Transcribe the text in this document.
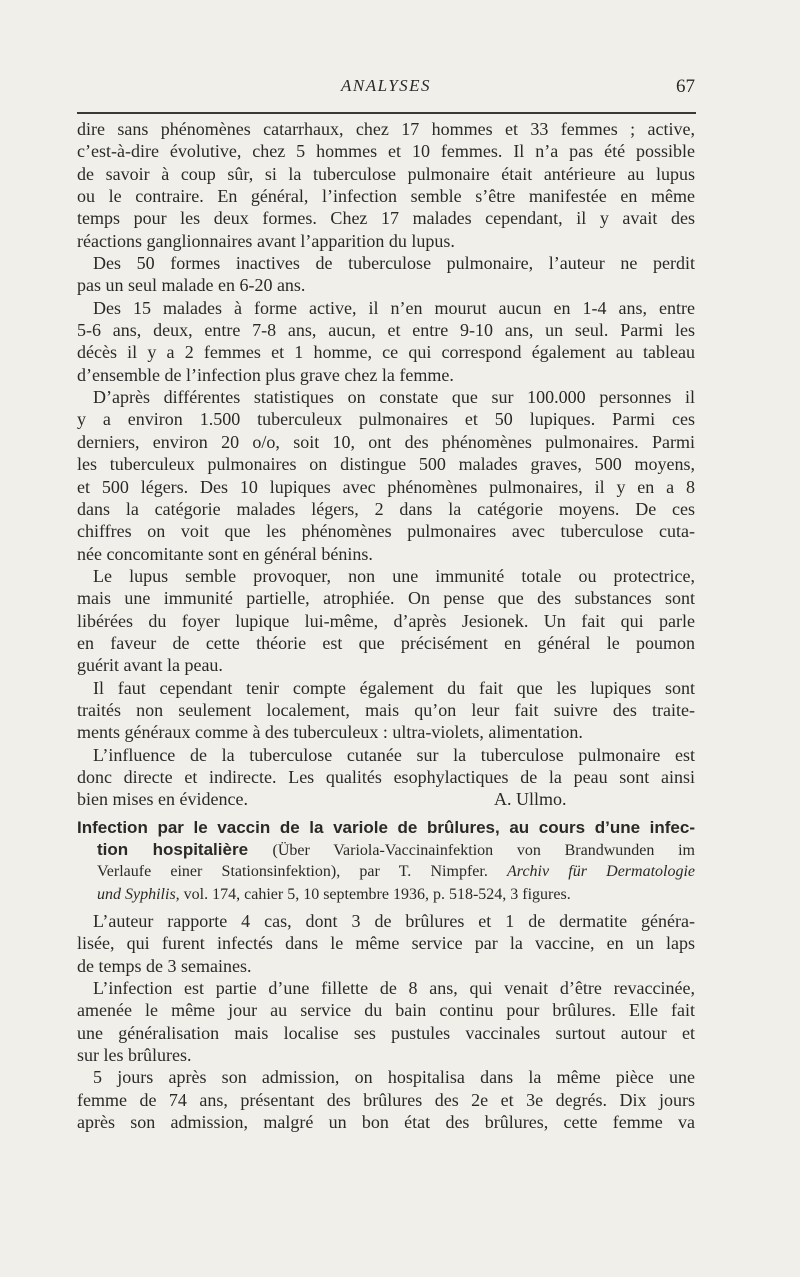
ANALYSES	67
dire sans phénomènes catarrhaux, chez 17 hommes et 33 femmes ; active,
c’est-à-dire évolutive, chez 5 hommes et 10 femmes. Il n’a pas été possible
de savoir à coup sûr, si la tuberculose pulmonaire était antérieure au lupus
ou le contraire. En général, l’infection semble s’être manifestée en même
temps pour les deux formes. Chez 17 malades cependant, il y avait des
réactions ganglionnaires avant l’apparition du lupus.
Des 50 formes inactives de tuberculose pulmonaire, l’auteur ne perdit
pas un seul malade en 6-20 ans.
Des 15 malades à forme active, il n’en mourut aucun en 1-4 ans, entre
5-6 ans, deux, entre 7-8 ans, aucun, et entre 9-10 ans, un seul. Parmi les
décès il y a 2 femmes et 1 homme, ce qui correspond également au tableau
d’ensemble de l’infection plus grave chez la femme.
D’après différentes statistiques on constate que sur 100.000 personnes il
y a environ 1.500 tuberculeux pulmonaires et 50 lupiques. Parmi ces
derniers, environ 20 o/o, soit 10, ont des phénomènes pulmonaires. Parmi
les tuberculeux pulmonaires on distingue 500 malades graves, 500 moyens,
et 500 légers. Des 10 lupiques avec phénomènes pulmonaires, il y en a 8
dans la catégorie malades légers, 2 dans la catégorie moyens. De ces
chiffres on voit que les phénomènes pulmonaires avec tuberculose cuta-
née concomitante sont en général bénins.
Le lupus semble provoquer, non une immunité totale ou protectrice,
mais une immunité partielle, atrophiée. On pense que des substances sont
libérées du foyer lupique lui-même, d’après Jesionek. Un fait qui parle
en faveur de cette théorie est que précisément en général le poumon
guérit avant la peau.
Il faut cependant tenir compte également du fait que les lupiques sont
traités non seulement localement, mais qu’on leur fait suivre des traite-
ments généraux comme à des tuberculeux : ultra-violets, alimentation.
L’influence de la tuberculose cutanée sur la tuberculose pulmonaire est
donc directe et indirecte. Les qualités esophylactiques de la peau sont ainsi
bien mises en évidence.	A. Ullmo.
Infection par le vaccin de la variole de brûlures, au cours d’une infec-
tion hospitalière (Über Variola-Vaccinainfektion von Brandwunden im
Verlaufe einer Stationsinfektion), par T. Nimpfer. Archiv für Dermatologie
und Syphilis, vol. 174, cahier 5, 10 septembre 1936, p. 518-524, 3 figures.
L’auteur rapporte 4 cas, dont 3 de brûlures et 1 de dermatite généra-
lisée, qui furent infectés dans le même service par la vaccine, en un laps
de temps de 3 semaines.
L’infection est partie d’une fillette de 8 ans, qui venait d’être revaccinée,
amenée le même jour au service du bain continu pour brûlures. Elle fait
une généralisation mais localise ses pustules vaccinales surtout autour et
sur les brûlures.
5 jours après son admission, on hospitalisa dans la même pièce une
femme de 74 ans, présentant des brûlures des 2e et 3e degrés. Dix jours
après son admission, malgré un bon état des brûlures, cette femme va
